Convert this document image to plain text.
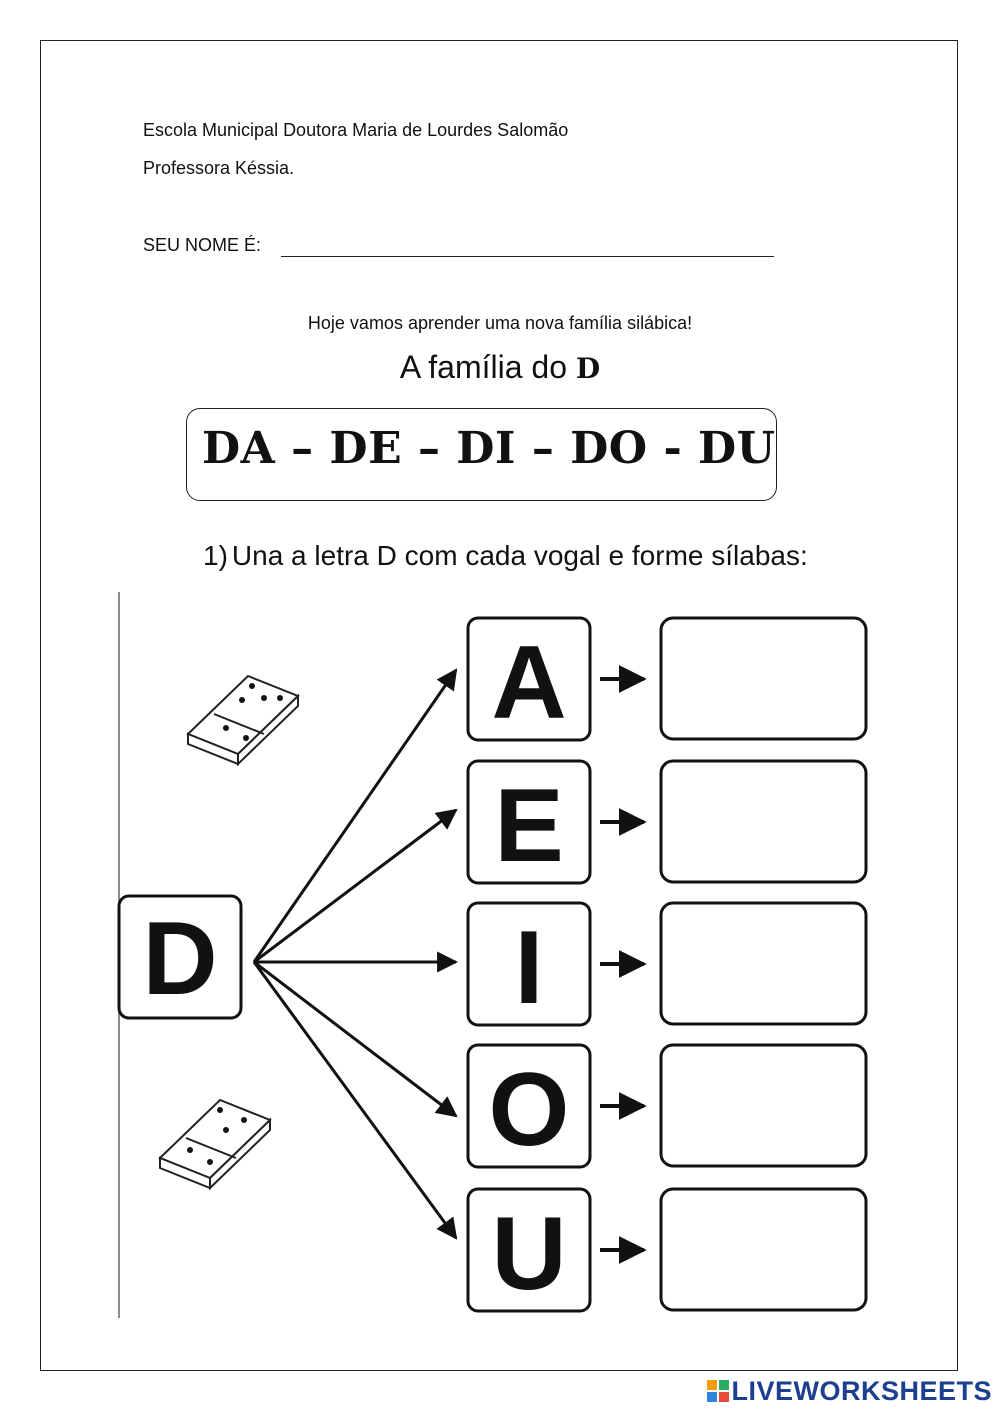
Escola Municipal Doutora Maria de Lourdes Salomão
Professora Késsia.
SEU NOME É:
Hoje vamos aprender uma nova família silábica!
A família do D
DA – DE – DI – DO - DU
1) Una a letra D com cada vogal e forme sílabas:
D
A
E
I
O
U
LIVEWORKSHEETS
